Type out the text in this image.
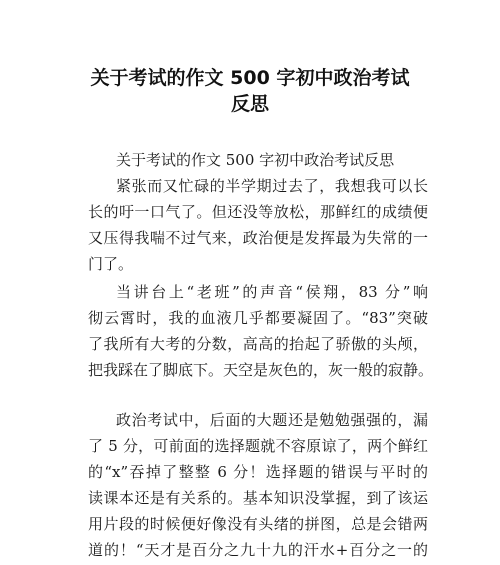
关于考试的作文 500 字初中政治考试
反思
关于考试的作文 500 字初中政治考试反思
紧张而又忙碌的半学期过去了，我想我可以长
长的吁一口气了。但还没等放松，那鲜红的成绩便
又压得我喘不过气来，政治便是发挥最为失常的一
门了。
当讲台上“老班”的声音“侯翔，83 分”响
彻云霄时，我的血液几乎都要凝固了。“83”突破
了我所有大考的分数，高高的抬起了骄傲的头颅，
把我踩在了脚底下。天空是灰色的，灰一般的寂静。
政治考试中，后面的大题还是勉勉强强的，漏
了 5 分，可前面的选择题就不容原谅了，两个鲜红
的“x”吞掉了整整 6 分！选择题的错误与平时的
读课本还是有关系的。基本知识没掌握，到了该运
用片段的时候便好像没有头绪的拼图，总是会错两
道的！“天才是百分之九十九的汗水+百分之一的
